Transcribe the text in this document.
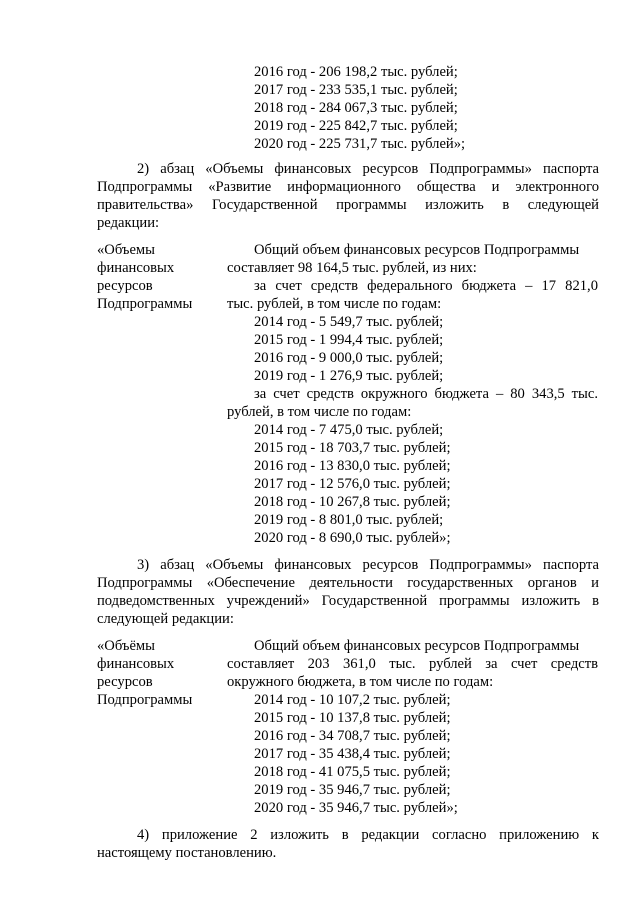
2016 год - 206 198,2 тыс. рублей;
2017 год - 233 535,1 тыс. рублей;
2018 год - 284 067,3 тыс. рублей;
2019 год - 225 842,7 тыс. рублей;
2020 год - 225 731,7 тыс. рублей»;
2) абзац «Объемы финансовых ресурсов Подпрограммы» паспорта
Подпрограммы «Развитие информационного общества и электронного
правительства» Государственной программы изложить в следующей
редакции:
«Объемы
финансовых
ресурсов
Подпрограммы
Общий объем финансовых ресурсов Подпрограммы
составляет 98 164,5 тыс. рублей, из них:
за счет средств федерального бюджета – 17 821,0
тыс. рублей, в том числе по годам:
2014 год - 5 549,7 тыс. рублей;
2015 год - 1 994,4 тыс. рублей;
2016 год - 9 000,0 тыс. рублей;
2019 год - 1 276,9 тыс. рублей;
за счет средств окружного бюджета – 80 343,5 тыс.
рублей, в том числе по годам:
2014 год - 7 475,0 тыс. рублей;
2015 год - 18 703,7 тыс. рублей;
2016 год - 13 830,0 тыс. рублей;
2017 год - 12 576,0 тыс. рублей;
2018 год - 10 267,8 тыс. рублей;
2019 год - 8 801,0 тыс. рублей;
2020 год - 8 690,0 тыс. рублей»;
3) абзац «Объемы финансовых ресурсов Подпрограммы» паспорта
Подпрограммы «Обеспечение деятельности государственных органов и
подведомственных учреждений» Государственной программы изложить в
следующей редакции:
«Объёмы
финансовых
ресурсов
Подпрограммы
Общий объем финансовых ресурсов Подпрограммы
составляет 203 361,0 тыс. рублей за счет средств
окружного бюджета, в том числе по годам:
2014 год - 10 107,2 тыс. рублей;
2015 год - 10 137,8 тыс. рублей;
2016 год - 34 708,7 тыс. рублей;
2017 год - 35 438,4 тыс. рублей;
2018 год - 41 075,5 тыс. рублей;
2019 год - 35 946,7 тыс. рублей;
2020 год - 35 946,7 тыс. рублей»;
4) приложение 2 изложить в редакции согласно приложению к
настоящему постановлению.
